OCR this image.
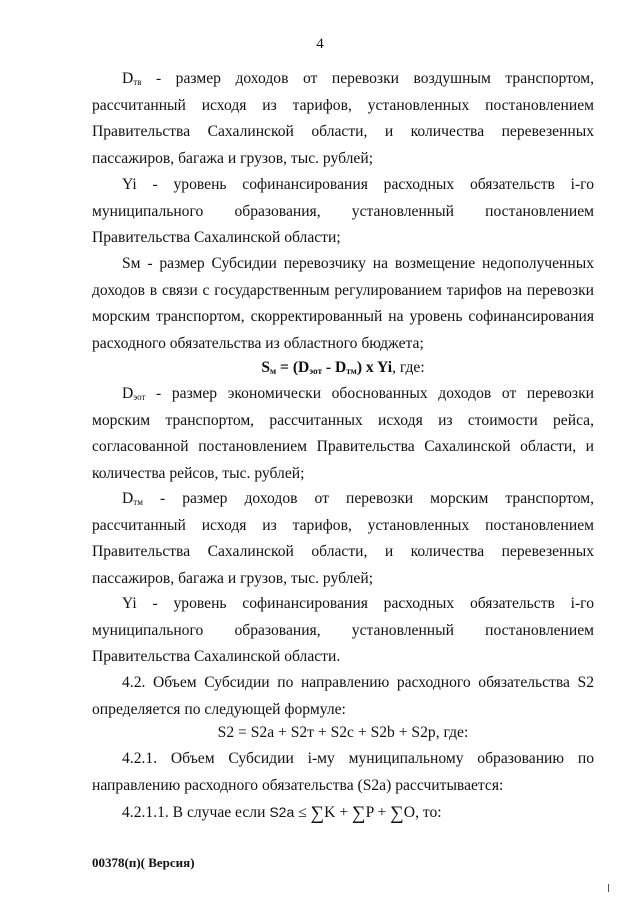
4

$D_{тв}$ - размер доходов от перевозки воздушным транспортом, рассчитанный исходя из тарифов, установленных постановлением Правительства Сахалинской области, и количества перевезенных пассажиров, багажа и грузов, тыс. рублей;

Yi - уровень софинансирования расходных обязательств i-го муниципального образования, установленный постановлением Правительства Сахалинской области;

Sм - размер Субсидии перевозчику на возмещение недополученных доходов в связи с государственным регулированием тарифов на перевозки морским транспортом, скорректированный на уровень софинансирования расходного обязательства из областного бюджета;

$S_м = (D_{эот} - D_{тм})$ x Yi, где:

$D_{эот}$ - размер экономически обоснованных доходов от перевозки морским транспортом, рассчитанных исходя из стоимости рейса, согласованной постановлением Правительства Сахалинской области, и количества рейсов, тыс. рублей;

$D_{тм}$ - размер доходов от перевозки морским транспортом, рассчитанный исходя из тарифов, установленных постановлением Правительства Сахалинской области, и количества перевезенных пассажиров, багажа и грузов, тыс. рублей;

Yi - уровень софинансирования расходных обязательств i-го муниципального образования, установленный постановлением Правительства Сахалинской области.

4.2. Объем Субсидии по направлению расходного обязательства S2 определяется по следующей формуле:

S2 = S2a + S2т + S2c + S2b + S2p, где:

4.2.1. Объем Субсидии i-му муниципальному образованию по направлению расходного обязательства (S2a) рассчитывается:

4.2.1.1. В случае если S2a ≤ ∑K + ∑P + ∑O, то:

00378(п)( Версия)
